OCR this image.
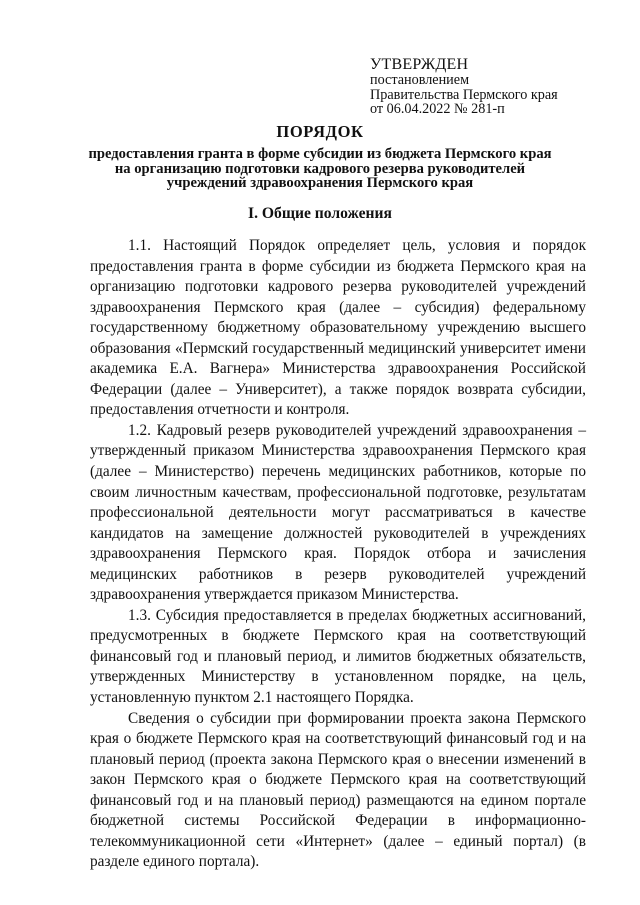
УТВЕРЖДЕН
постановлением
Правительства Пермского края
от 06.04.2022 № 281-п
ПОРЯДОК
предоставления гранта в форме субсидии из бюджета Пермского края
на организацию подготовки кадрового резерва руководителей
учреждений здравоохранения Пермского края
I. Общие положения

1.1. Настоящий Порядок определяет цель, условия и порядок предоставления гранта в форме субсидии из бюджета Пермского края на организацию подготовки кадрового резерва руководителей учреждений здравоохранения Пермского края (далее – субсидия) федеральному государственному бюджетному образовательному учреждению высшего образования «Пермский государственный медицинский университет имени академика Е.А. Вагнера» Министерства здравоохранения Российской Федерации (далее – Университет), а также порядок возврата субсидии, предоставления отчетности и контроля.

1.2. Кадровый резерв руководителей учреждений здравоохранения – утвержденный приказом Министерства здравоохранения Пермского края (далее – Министерство) перечень медицинских работников, которые по своим личностным качествам, профессиональной подготовке, результатам профессиональной деятельности могут рассматриваться в качестве кандидатов на замещение должностей руководителей в учреждениях здравоохранения Пермского края. Порядок отбора и зачисления медицинских работников в резерв руководителей учреждений здравоохранения утверждается приказом Министерства.

1.3. Субсидия предоставляется в пределах бюджетных ассигнований, предусмотренных в бюджете Пермского края на соответствующий финансовый год и плановый период, и лимитов бюджетных обязательств, утвержденных Министерству в установленном порядке, на цель, установленную пунктом 2.1 настоящего Порядка.

Сведения о субсидии при формировании проекта закона Пермского края о бюджете Пермского края на соответствующий финансовый год и на плановый период (проекта закона Пермского края о внесении изменений в закон Пермского края о бюджете Пермского края на соответствующий финансовый год и на плановый период) размещаются на едином портале бюджетной системы Российской Федерации в информационно-телекоммуникационной сети «Интернет» (далее – единый портал) (в разделе единого портала).
